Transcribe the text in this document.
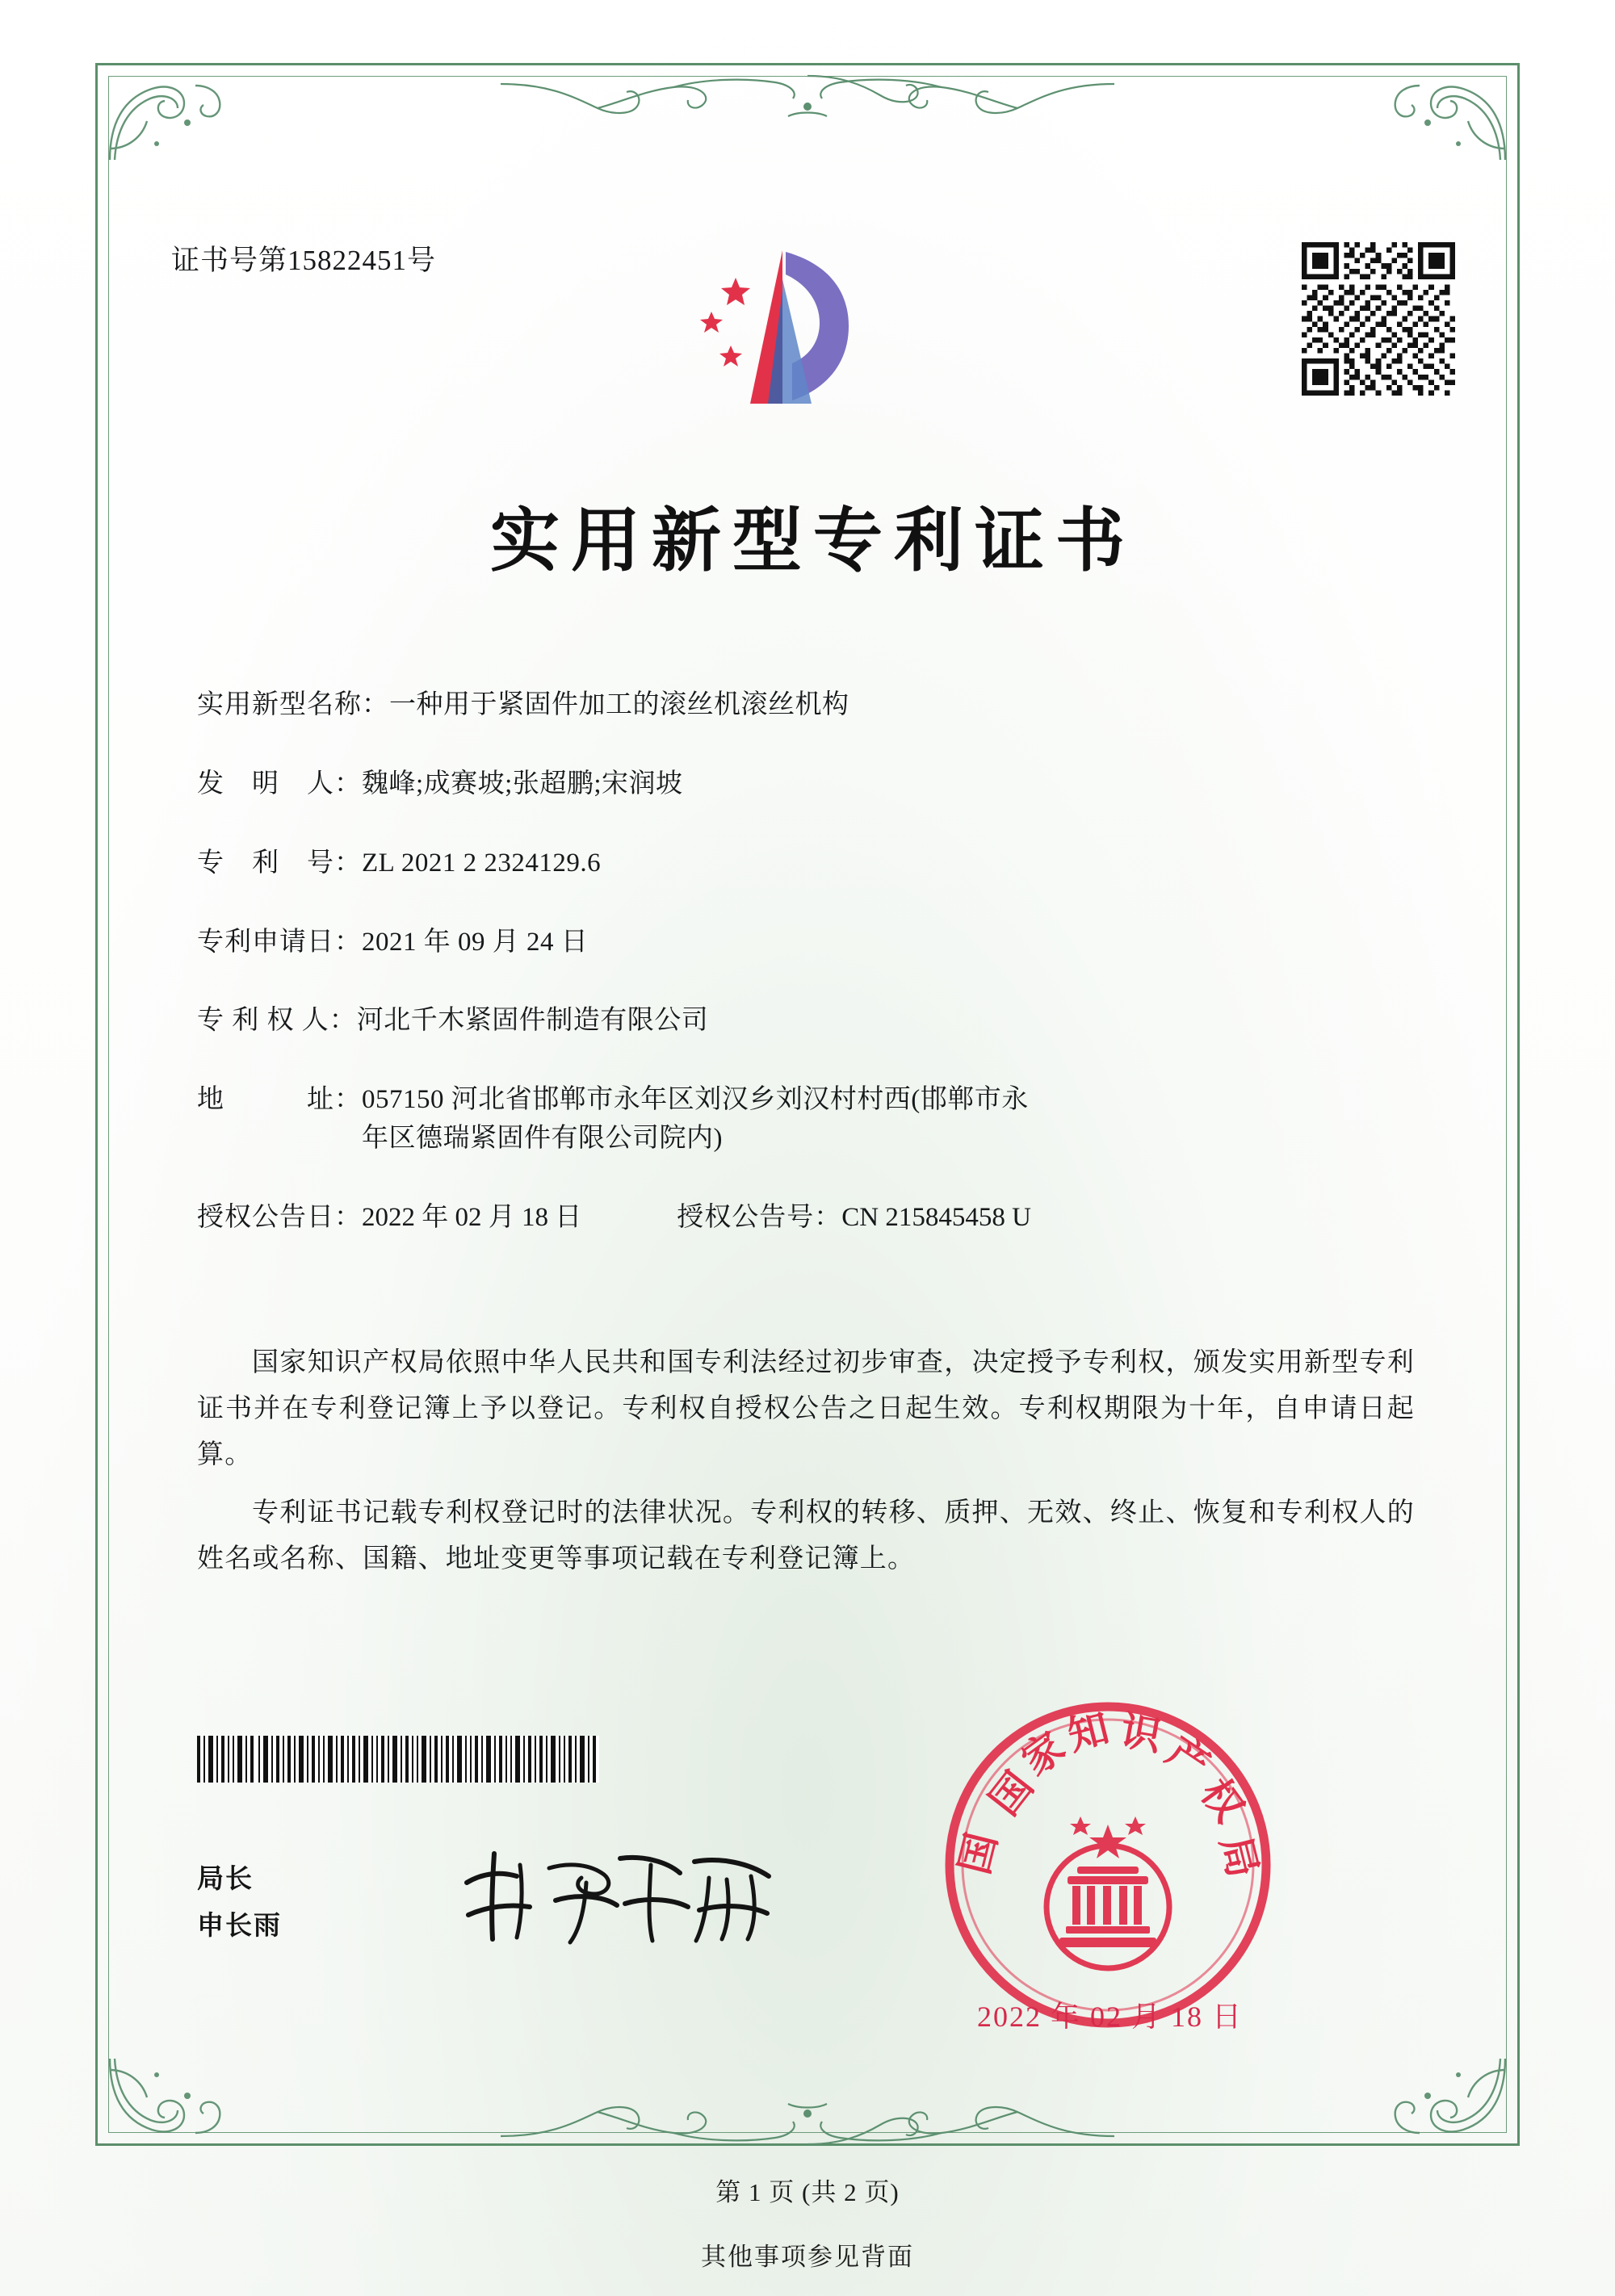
证书号第15822451号
实用新型专利证书
实用新型名称： 一种用于紧固件加工的滚丝机滚丝机构
发　明　人： 魏峰;成赛坡;张超鹏;宋润坡
专　利　号： ZL 2021 2 2324129.6
专利申请日： 2021 年 09 月 24 日
专 利 权 人： 河北千木紧固件制造有限公司
地　　　址： 057150 河北省邯郸市永年区刘汉乡刘汉村村西(邯郸市永
年区德瑞紧固件有限公司院内)
授权公告日： 2022 年 02 月 18 日	授权公告号： CN 215845458 U

国家知识产权局依照中华人民共和国专利法经过初步审查，决定授予专利权，颁发实用新型专利证书并在专利登记簿上予以登记。专利权自授权公告之日起生效。专利权期限为十年，自申请日起算。

专利证书记载专利权登记时的法律状况。专利权的转移、质押、无效、终止、恢复和专利权人的姓名或名称、国籍、地址变更等事项记载在专利登记簿上。

局长
申长雨
国
家
知 识
产
权
局
国
2022 年 02 月 18 日
第 1 页 (共 2 页)
其他事项参见背面
